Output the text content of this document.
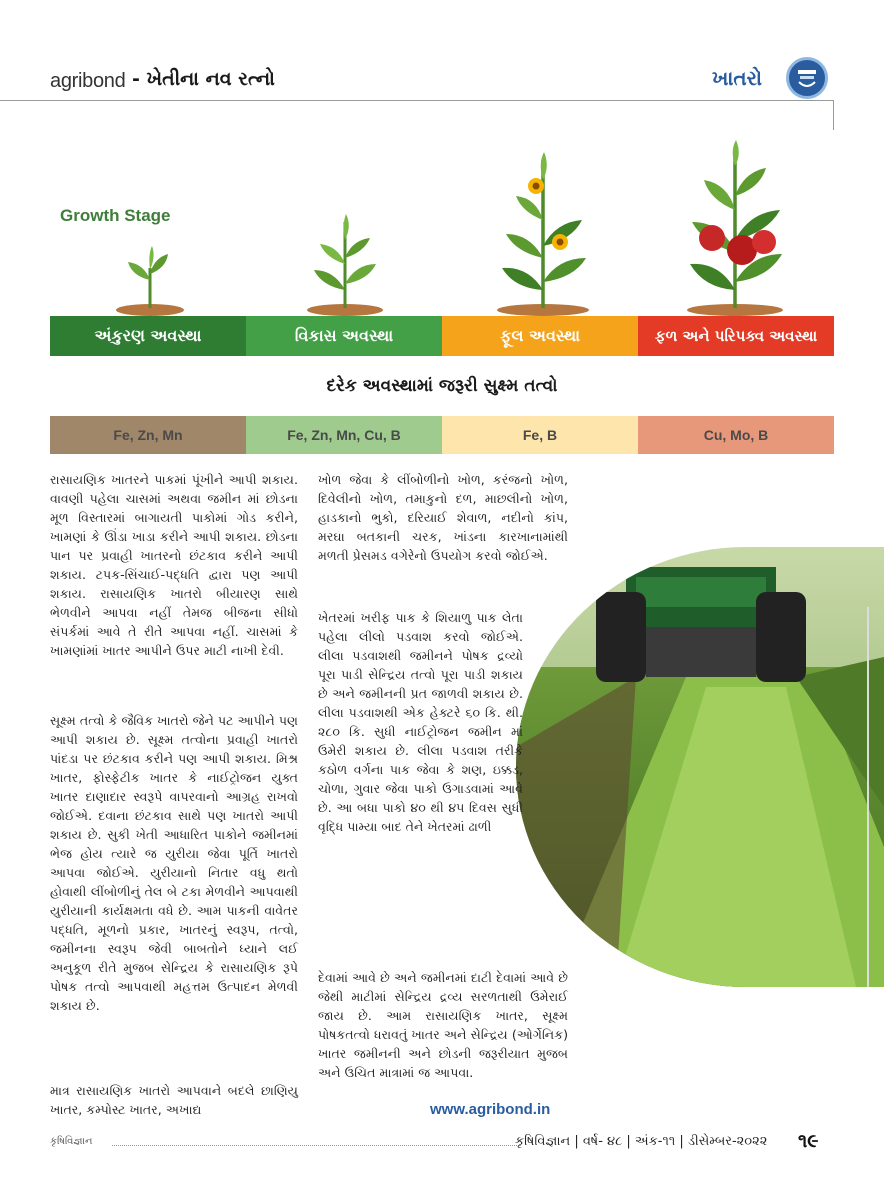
agribond - ખેતીના નવ રત્નો	ખાતરો
Growth Stage
અંકુરણ અવસ્થા	વિકાસ અવસ્થા	ફૂલ અવસ્થા	ફળ અને પરિપક્વ અવસ્થા
દરેક અવસ્થામાં જરૂરી સુક્ષ્મ તત્વો
Fe, Zn, Mn	Fe, Zn, Mn, Cu, B	Fe, B	Cu, Mo, B

રાસાયણિક ખાતરને પાકમાં પૂંખીને આપી શકાય. વાવણી પહેલા ચાસમાં અથવા જમીન માં છોડના મૂળ વિસ્તારમાં બાગાયતી પાકોમાં ગોડ કરીને, ખામણાં કે ઊંડા ખાડા કરીને આપી શકાય. છોડના પાન પર પ્રવાહી ખાતરનો છંટકાવ કરીને આપી શકાય. ટપક-સિંચાઈ-પદ્ધતિ દ્વારા પણ આપી શકાય. રાસાયણિક ખાતરો બીયારણ સાથે ભેળવીને આપવા નહીં તેમજ બીજના સીધો સંપર્કમાં આવે તે રીતે આપવા નહીં. ચાસમાં કે ખામણાંમાં ખાતર આપીને ઉપર માટી નાખી દેવી.

સૂક્ષ્મ તત્વો કે જૈવિક ખાતરો જેને પટ આપીને પણ આપી શકાય છે. સૂક્ષ્મ તત્વોના પ્રવાહી ખાતરો પાંદડા પર છંટકાવ કરીને પણ આપી શકાય. મિશ્ર ખાતર, ફોસ્ફેટીક ખાતર કે નાઈટ્રોજન યુક્ત ખાતર દાણાદાર સ્વરૂપે વાપરવાનો આગ્રહ રાખવો જોઈએ. દવાના છંટકાવ સાથે પણ ખાતરો આપી શકાય છે. સુકી ખેતી આધારિત પાકોને જમીનમાં ભેજ હોય ત્યારે જ યુરીયા જેવા પૂર્તિ ખાતરો આપવા જોઈએ. યુરીયાનો નિતાર વધુ થતો હોવાથી લીંબોળીનું તેલ બે ટકા મેળવીને આપવાથી યુરીયાની કાર્યક્ષમતા વધે છે. આમ પાકની વાવેતર પદ્ધતિ, મૂળનો પ્રકાર, ખાતરનું સ્વરૂપ, તત્વો, જમીનના સ્વરૂપ જેવી બાબતોને ધ્યાને લઈ અનુકૂળ રીતે મુજબ સેન્દ્રિય કે રાસાયણિક રૂપે પોષક તત્વો આપવાથી મહત્તમ ઉત્પાદન મેળવી શકાય છે.

માત્ર રાસાયણિક ખાતરો આપવાને બદલે છાણિયુ ખાતર, કમ્પોસ્ટ ખાતર, અખાદ્ય

ખોળ જેવા કે લીંબોળીનો ખોળ, કરંજનો ખોળ, દિવેલીનો ખોળ, તમાકુનો દળ, માછલીનો ખોળ, હાડકાનો ભુકો, દરિયાઈ શેવાળ, નદીનો કાંપ, મરઘા બતકાની ચરક, ખાંડના કારખાનામાંથી મળતી પ્રેસમડ વગેરેનો ઉપયોગ કરવો જોઈએ.

ખેતરમાં ખરીફ પાક કે શિયાળુ પાક લેતા પહેલા લીલો પડવાશ કરવો જોઈએ. લીલા પડવાશથી જમીનને પોષક દ્રવ્યો પૂરા પાડી સેન્દ્રિય તત્વો પૂરા પાડી શકાય છે અને જમીનની પ્રત જાળવી શકાય છે. લીલા પડવાશથી એક હેક્ટરે ૬૦ કિ. થી. ૨૮૦ કિ. સુધી નાઈટ્રોજન જમીન માં ઉમેરી શકાય છે. લીલા પડવાશ તરીકે કઠોળ વર્ગના પાક જેવા કે શણ, ઇક્કડ, ચોળા, ગુવાર જેવા પાકો ઉગાડવામાં આવે છે. આ બધા પાકો ૪૦ થી ૪૫ દિવસ સુધી વૃદ્ધિ પામ્યા બાદ તેને ખેતરમાં ઢાળી

દેવામાં આવે છે અને જમીનમાં દાટી દેવામાં આવે છે જેથી માટીમાં સેન્દ્રિય દ્રવ્ય સરળતાથી ઉમેરાઈ જાય છે. આમ રાસાયણિક ખાતર, સૂક્ષ્મ પોષકતત્વો ધરાવતું ખાતર અને સેન્દ્રિય (ઓર્ગેનિક) ખાતર જમીનની અને છોડની જરૂરીયાત મુજબ અને ઉચિત માત્રામાં જ આપવા.

www.agribond.in
કૃષિવિજ્ઞાન	કૃષિવિજ્ઞાન | વર્ષ- ૪૮ | અંક-૧૧ | ડીસેમ્બર-૨૦૨૨ ૧૯
